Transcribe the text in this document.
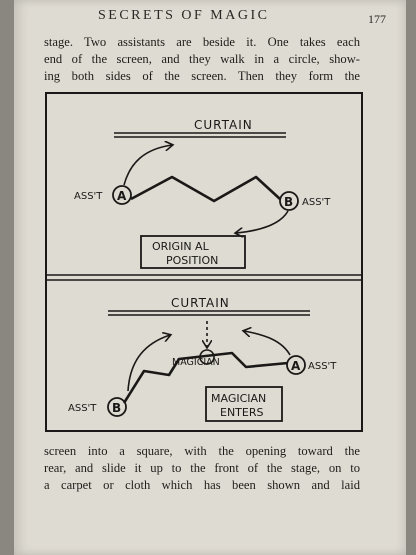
SECRETS OF MAGIC	177
stage. Two assistants are beside it. One takes each
end of the screen, and they walk in a circle, show-
ing both sides of the screen. Then they form the
CURTAIN
A
ASS'T	B ASS'T
ORIGIN AL
POSITION
CURTAIN
MAGICIAN	A ASS'T
B
ASS'T
MAGICIAN
ENTERS
screen into a square, with the opening toward the
rear, and slide it up to the front of the stage, on to
a carpet or cloth which has been shown and laid
